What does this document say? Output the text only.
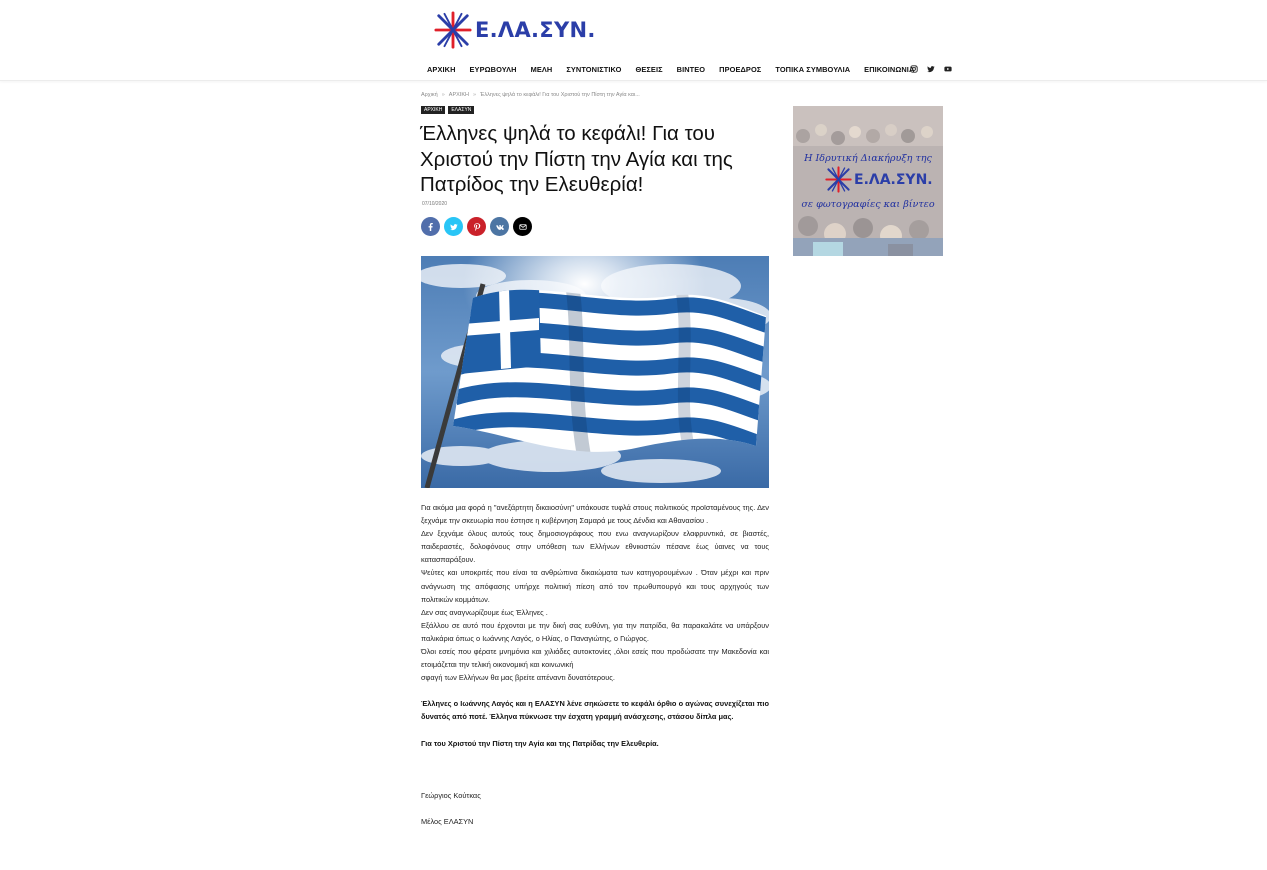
Ε.ΛΑ.ΣΥΝ.
ΑΡΧΙΚΗ ΕΥΡΩΒΟΥΛΗ ΜΕΛΗ ΣΥΝΤΟΝΙΣΤΙΚΟ ΘΕΣΕΙΣ ΒΙΝΤΕΟ ΠΡΟΕΔΡΟΣ ΤΟΠΙΚΑ ΣΥΜΒΟΥΛΙΑ ΕΠΙΚΟΙΝΩΝΙΑ
Αρχική » ΑΡΧΙΚΗ » Έλληνες ψηλά το κεφάλι! Για του Χριστού την Πίστη την Αγία και...
ΑΡΧΙΚΗ	ΕΛΑΣΥΝ
Έλληνες ψηλά το κεφάλι! Για του Χριστού την Πίστη την Αγία και της Πατρίδος την Ελευθερία!
07/10/2020

Για ακόμα μια φορά η "ανεξάρτητη δικαιοσύνη" υπάκουσε τυφλά στους πολιτικούς προϊσταμένους της. Δεν ξεχνάμε την σκευωρία που έστησε η κυβέρνηση Σαμαρά με τους Δένδια και Αθανασίου .

Δεν ξεχνάμε όλους αυτούς τους δημοσιογράφους που ενω αναγνωρίζουν ελαφρυντικά, σε βιαστές, παιδεραστές, δολοφόνους στην υπόθεση των Ελλήνων εθνικιστών πέσανε έως ύαινες να τους κατασπαράξουν.

Ψεύτες και υποκριτές που είναι τα ανθρώπινα δικαιώματα των κατηγορουμένων . Όταν μέχρι και πριν ανάγνωση της απόφασης υπήρχε πολιτική πίεση από τον πρωθυπουργό και τους αρχηγούς των πολιτικών κομμάτων.

Δεν σας αναγνωρίζουμε έως Έλληνες .

Εξάλλου σε αυτό που έρχονται με την δική σας ευθύνη, για την πατρίδα, θα παρακαλάτε να υπάρξουν παλικάρια όπως ο Ιωάννης Λαγός, ο Ηλίας, ο Παναγιώτης, ο Γιώργος.

Όλοι εσείς που φέρατε μνημόνια και χιλιάδες αυτοκτονίες ,όλοι εσείς που προδώσατε την Μακεδονία και ετοιμάζεται την τελική οικονομική και κοινωνική

σφαγή των Ελλήνων θα μας βρείτε απέναντι δυνατότερους.

Έλληνες ο Ιωάννης Λαγός και η ΕΛΑΣΥΝ λένε σηκώσετε το κεφάλι όρθιο ο αγώνας συνεχίζεται πιο δυνατός από ποτέ. Έλληνα πύκνωσε την έσχατη γραμμή ανάσχεσης, στάσου δίπλα μας.

Για του Χριστού την Πίστη την Αγία και της Πατρίδας την Ελευθερία.

Γεώργιος Κούτκας

Μέλος ΕΛΑΣΥΝ

Η Ιδρυτική Διακήρυξη της
Ε.ΛΑ.ΣΥΝ.
σε φωτογραφίες και βίντεο
